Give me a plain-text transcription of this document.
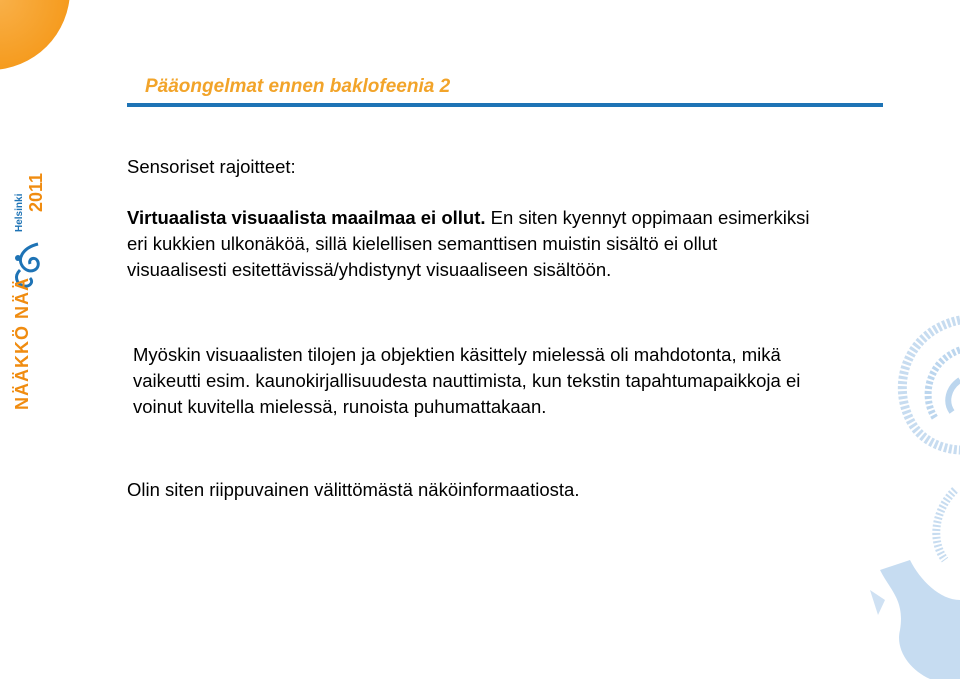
Pääongelmat ennen baklofeenia 2
Sensoriset rajoitteet:
Virtuaalista visuaalista maailmaa ei ollut. En siten kyennyt oppimaan esimerkiksi eri kukkien ulkonäköä, sillä kielellisen semanttisen muistin sisältö ei ollut visuaalisesti esitettävissä/yhdistynyt visuaaliseen sisältöön.
Myöskin visuaalisten tilojen ja objektien käsittely mielessä oli mahdotonta, mikä vaikeutti esim. kaunokirjallisuudesta nauttimista, kun tekstin tapahtumapaikkoja ei voinut kuvitella mielessä, runoista puhumattakaan.
Olin siten riippuvainen välittömästä näköinformaatiosta.
2011
Helsinki
NÄÄKKÖ NÄÄ
